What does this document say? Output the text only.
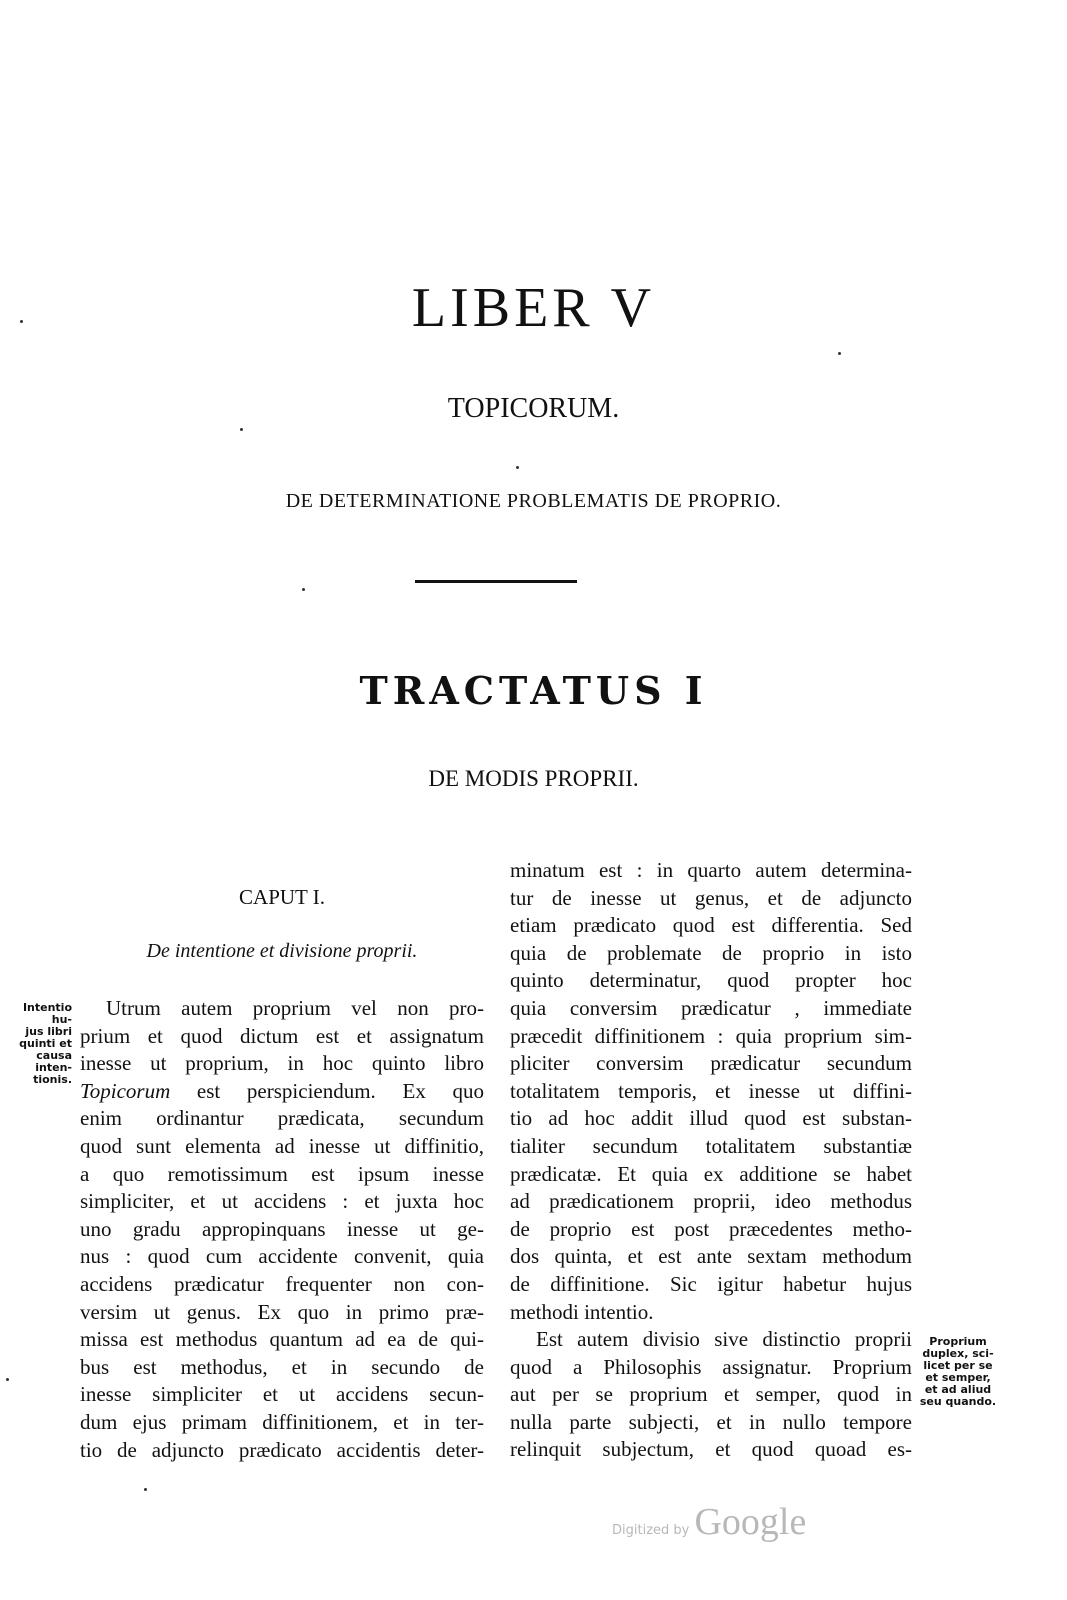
LIBER V
TOPICORUM.
DE DETERMINATIONE PROBLEMATIS DE PROPRIO.
TRACTATUS I
DE MODIS PROPRII.
CAPUT I.
De intentione et divisione proprii.
Intentio hu-
jus libri
quinti et
causa inten-
tionis.
Utrum autem proprium vel non pro-
prium et quod dictum est et assignatum
inesse ut proprium, in hoc quinto libro
Topicorum est perspiciendum. Ex quo
enim ordinantur prædicata, secundum
quod sunt elementa ad inesse ut diffinitio,
a quo remotissimum est ipsum inesse
simpliciter, et ut accidens : et juxta hoc
uno gradu appropinquans inesse ut ge-
nus : quod cum accidente convenit, quia
accidens prædicatur frequenter non con-
versim ut genus. Ex quo in primo præ-
missa est methodus quantum ad ea de qui-
bus est methodus, et in secundo de
inesse simpliciter et ut accidens secun-
dum ejus primam diffinitionem, et in ter-
tio de adjuncto prædicato accidentis deter-
minatum est : in quarto autem determina-
tur de inesse ut genus, et de adjuncto
etiam prædicato quod est differentia. Sed
quia de problemate de proprio in isto
quinto determinatur, quod propter hoc
quia conversim prædicatur , immediate
præcedit diffinitionem : quia proprium sim-
pliciter conversim prædicatur secundum
totalitatem temporis, et inesse ut diffini-
tio ad hoc addit illud quod est substan-
tialiter secundum totalitatem substantiæ
prædicatæ. Et quia ex additione se habet
ad prædicationem proprii, ideo methodus
de proprio est post præcedentes metho-
dos quinta, et est ante sextam methodum
de diffinitione. Sic igitur habetur hujus
methodi intentio.
Est autem divisio sive distinctio proprii
quod a Philosophis assignatur. Proprium
aut per se proprium et semper, quod in
nulla parte subjecti, et in nullo tempore
relinquit subjectum, et quod quoad es-
Proprium
duplex, sci-
licet per se
et semper,
et ad aliud
seu quando.
Digitized by Google
